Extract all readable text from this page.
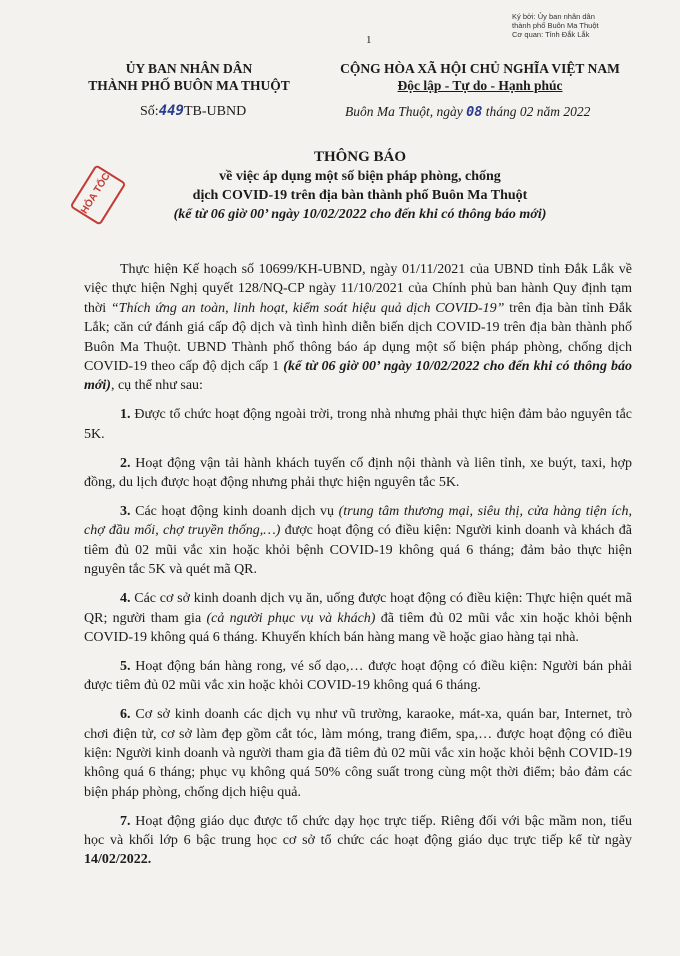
Ký bởi: Ủy ban nhân dân
thành phố Buôn Ma Thuột
Cơ quan: Tỉnh Đắk Lắk
1
ỦY BAN NHÂN DÂN
THÀNH PHỐ BUÔN MA THUỘT
CỘNG HÒA XÃ HỘI CHỦ NGHĨA VIỆT NAM
Độc lập - Tự do - Hạnh phúc
Số:449TB-UBND	Buôn Ma Thuột, ngày 08 tháng 02 năm 2022
HỎA TỐC
THÔNG BÁO
về việc áp dụng một số biện pháp phòng, chống
dịch COVID-19 trên địa bàn thành phố Buôn Ma Thuột
(kể từ 06 giờ 00’ ngày 10/02/2022 cho đến khi có thông báo mới)

Thực hiện Kế hoạch số 10699/KH-UBND, ngày 01/11/2021 của UBND tỉnh Đắk Lắk về việc thực hiện Nghị quyết 128/NQ-CP ngày 11/10/2021 của Chính phủ ban hành Quy định tạm thời “Thích ứng an toàn, linh hoạt, kiểm soát hiệu quả dịch COVID-19” trên địa bàn tỉnh Đắk Lắk; căn cứ đánh giá cấp độ dịch và tình hình diễn biến dịch COVID-19 trên địa bàn thành phố Buôn Ma Thuột. UBND Thành phố thông báo áp dụng một số biện pháp phòng, chống dịch COVID-19 theo cấp độ dịch cấp 1 (kể từ 06 giờ 00’ ngày 10/02/2022 cho đến khi có thông báo mới), cụ thể như sau:

1. Được tổ chức hoạt động ngoài trời, trong nhà nhưng phải thực hiện đảm bảo nguyên tắc 5K.

2. Hoạt động vận tải hành khách tuyến cố định nội thành và liên tỉnh, xe buýt, taxi, hợp đồng, du lịch được hoạt động nhưng phải thực hiện nguyên tắc 5K.

3. Các hoạt động kinh doanh dịch vụ (trung tâm thương mại, siêu thị, cửa hàng tiện ích, chợ đầu mối, chợ truyền thống,…) được hoạt động có điều kiện: Người kinh doanh và khách đã tiêm đủ 02 mũi vắc xin hoặc khỏi bệnh COVID-19 không quá 6 tháng; đảm bảo thực hiện nguyên tắc 5K và quét mã QR.

4. Các cơ sở kinh doanh dịch vụ ăn, uống được hoạt động có điều kiện: Thực hiện quét mã QR; người tham gia (cả người phục vụ và khách) đã tiêm đủ 02 mũi vắc xin hoặc khỏi bệnh COVID-19 không quá 6 tháng. Khuyến khích bán hàng mang về hoặc giao hàng tại nhà.

5. Hoạt động bán hàng rong, vé số dạo,… được hoạt động có điều kiện: Người bán phải được tiêm đủ 02 mũi vắc xin hoặc khỏi COVID-19 không quá 6 tháng.

6. Cơ sở kinh doanh các dịch vụ như vũ trường, karaoke, mát-xa, quán bar, Internet, trò chơi điện tử, cơ sở làm đẹp gồm cắt tóc, làm móng, trang điểm, spa,… được hoạt động có điều kiện: Người kinh doanh và người tham gia đã tiêm đủ 02 mũi vắc xin hoặc khỏi bệnh COVID-19 không quá 6 tháng; phục vụ không quá 50% công suất trong cùng một thời điểm; bảo đảm các biện pháp phòng, chống dịch hiệu quả.

7. Hoạt động giáo dục được tổ chức dạy học trực tiếp. Riêng đối với bậc mầm non, tiểu học và khối lớp 6 bậc trung học cơ sở tổ chức các hoạt động giáo dục trực tiếp kể từ ngày 14/02/2022.
